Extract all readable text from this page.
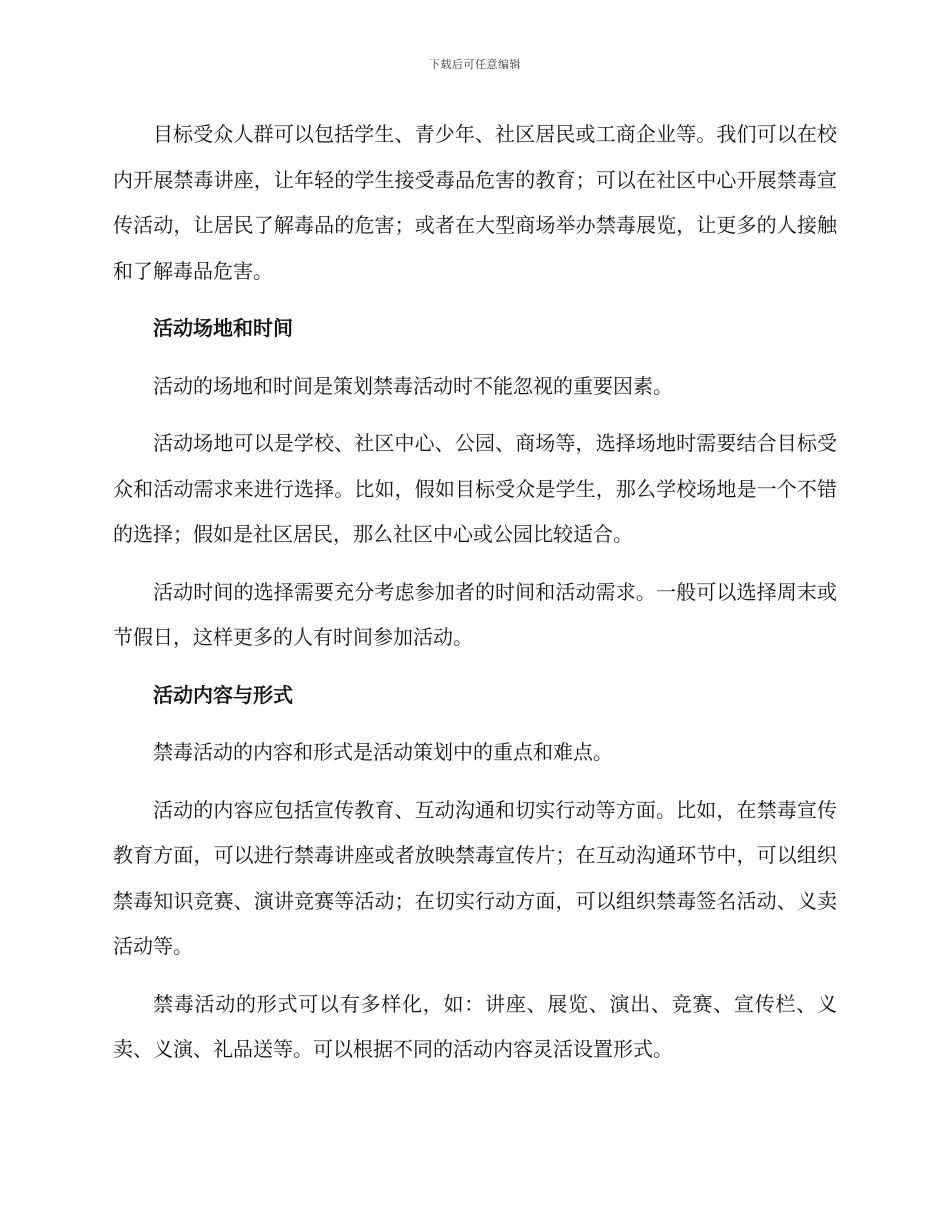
下载后可任意编辑

目标受众人群可以包括学生、青少年、社区居民或工商企业等。我们可以在校内开展禁毒讲座，让年轻的学生接受毒品危害的教育；可以在社区中心开展禁毒宣传活动，让居民了解毒品的危害；或者在大型商场举办禁毒展览，让更多的人接触和了解毒品危害。

活动场地和时间

活动的场地和时间是策划禁毒活动时不能忽视的重要因素。

活动场地可以是学校、社区中心、公园、商场等，选择场地时需要结合目标受众和活动需求来进行选择。比如，假如目标受众是学生，那么学校场地是一个不错的选择；假如是社区居民，那么社区中心或公园比较适合。

活动时间的选择需要充分考虑参加者的时间和活动需求。一般可以选择周末或节假日，这样更多的人有时间参加活动。

活动内容与形式

禁毒活动的内容和形式是活动策划中的重点和难点。

活动的内容应包括宣传教育、互动沟通和切实行动等方面。比如，在禁毒宣传教育方面，可以进行禁毒讲座或者放映禁毒宣传片；在互动沟通环节中，可以组织禁毒知识竞赛、演讲竞赛等活动；在切实行动方面，可以组织禁毒签名活动、义卖活动等。

禁毒活动的形式可以有多样化，如：讲座、展览、演出、竞赛、宣传栏、义卖、义演、礼品送等。可以根据不同的活动内容灵活设置形式。
